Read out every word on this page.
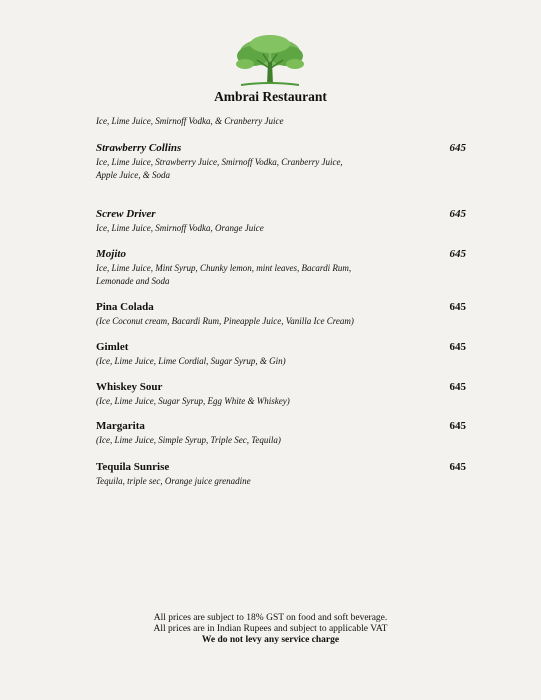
Ambrai Restaurant
Ice, Lime Juice, Smirnoff Vodka, & Cranberry Juice
Strawberry Collins	645
Ice, Lime Juice, Strawberry Juice, Smirnoff Vodka, Cranberry Juice,
Apple Juice, & Soda
Screw Driver	645
Ice, Lime Juice, Smirnoff Vodka, Orange Juice
Mojito	645
Ice, Lime Juice, Mint Syrup, Chunky lemon, mint leaves, Bacardi Rum,
Lemonade and Soda
Pina Colada	645
(Ice Coconut cream, Bacardi Rum, Pineapple Juice, Vanilla Ice Cream)
Gimlet	645
(Ice, Lime Juice, Lime Cordial, Sugar Syrup, & Gin)
Whiskey Sour	645
(Ice, Lime Juice, Sugar Syrup, Egg White & Whiskey)
Margarita	645
(Ice, Lime Juice, Simple Syrup, Triple Sec, Tequila)
Tequila Sunrise	645
Tequila, triple sec, Orange juice grenadine
All prices are subject to 18% GST on food and soft beverage.
All prices are in Indian Rupees and subject to applicable VAT
We do not levy any service charge
